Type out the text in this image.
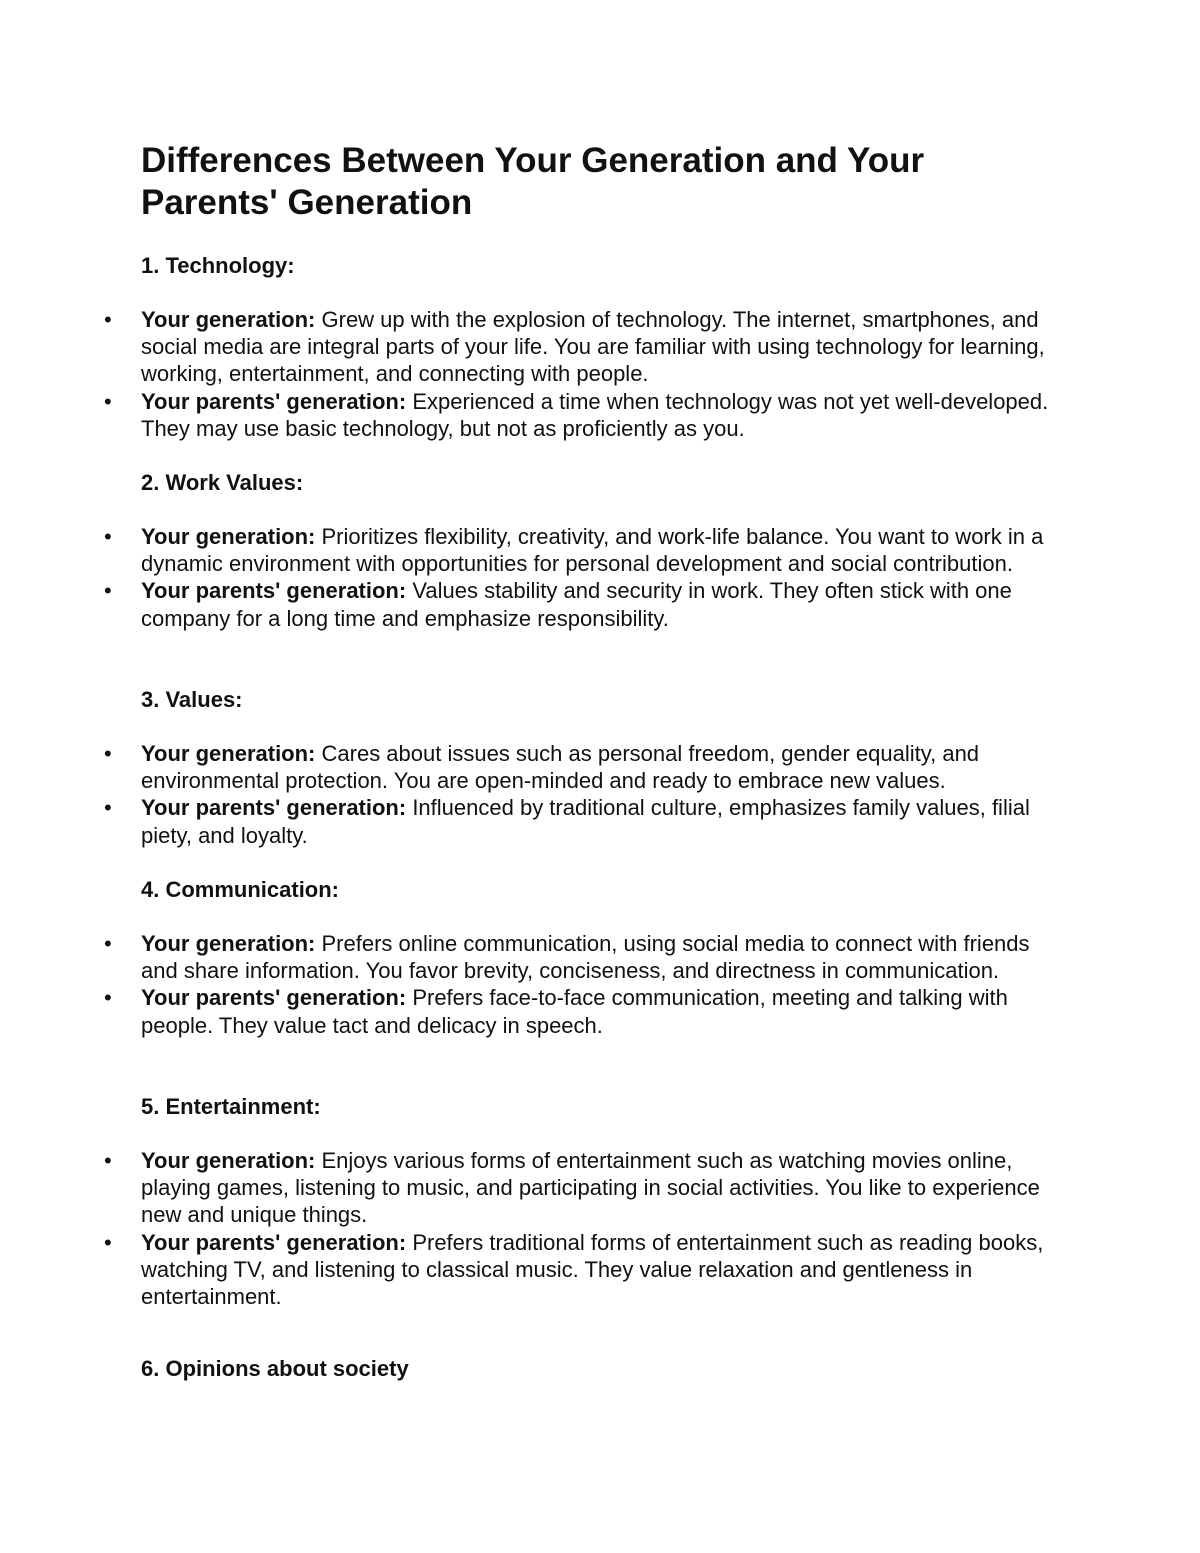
Differences Between Your Generation and Your Parents' Generation
1. Technology:
• Your generation: Grew up with the explosion of technology. The internet, smartphones, and social media are integral parts of your life. You are familiar with using technology for learning, working, entertainment, and connecting with people.
• Your parents' generation: Experienced a time when technology was not yet well-developed. They may use basic technology, but not as proficiently as you.
2. Work Values:
• Your generation: Prioritizes flexibility, creativity, and work-life balance. You want to work in a dynamic environment with opportunities for personal development and social contribution.
• Your parents' generation: Values stability and security in work. They often stick with one company for a long time and emphasize responsibility.
3. Values:
• Your generation: Cares about issues such as personal freedom, gender equality, and environmental protection. You are open-minded and ready to embrace new values.
• Your parents' generation: Influenced by traditional culture, emphasizes family values, filial piety, and loyalty.
4. Communication:
• Your generation: Prefers online communication, using social media to connect with friends and share information. You favor brevity, conciseness, and directness in communication.
• Your parents' generation: Prefers face-to-face communication, meeting and talking with people. They value tact and delicacy in speech.
5. Entertainment:
• Your generation: Enjoys various forms of entertainment such as watching movies online, playing games, listening to music, and participating in social activities. You like to experience new and unique things.
• Your parents' generation: Prefers traditional forms of entertainment such as reading books, watching TV, and listening to classical music. They value relaxation and gentleness in entertainment.
6. Opinions about society
